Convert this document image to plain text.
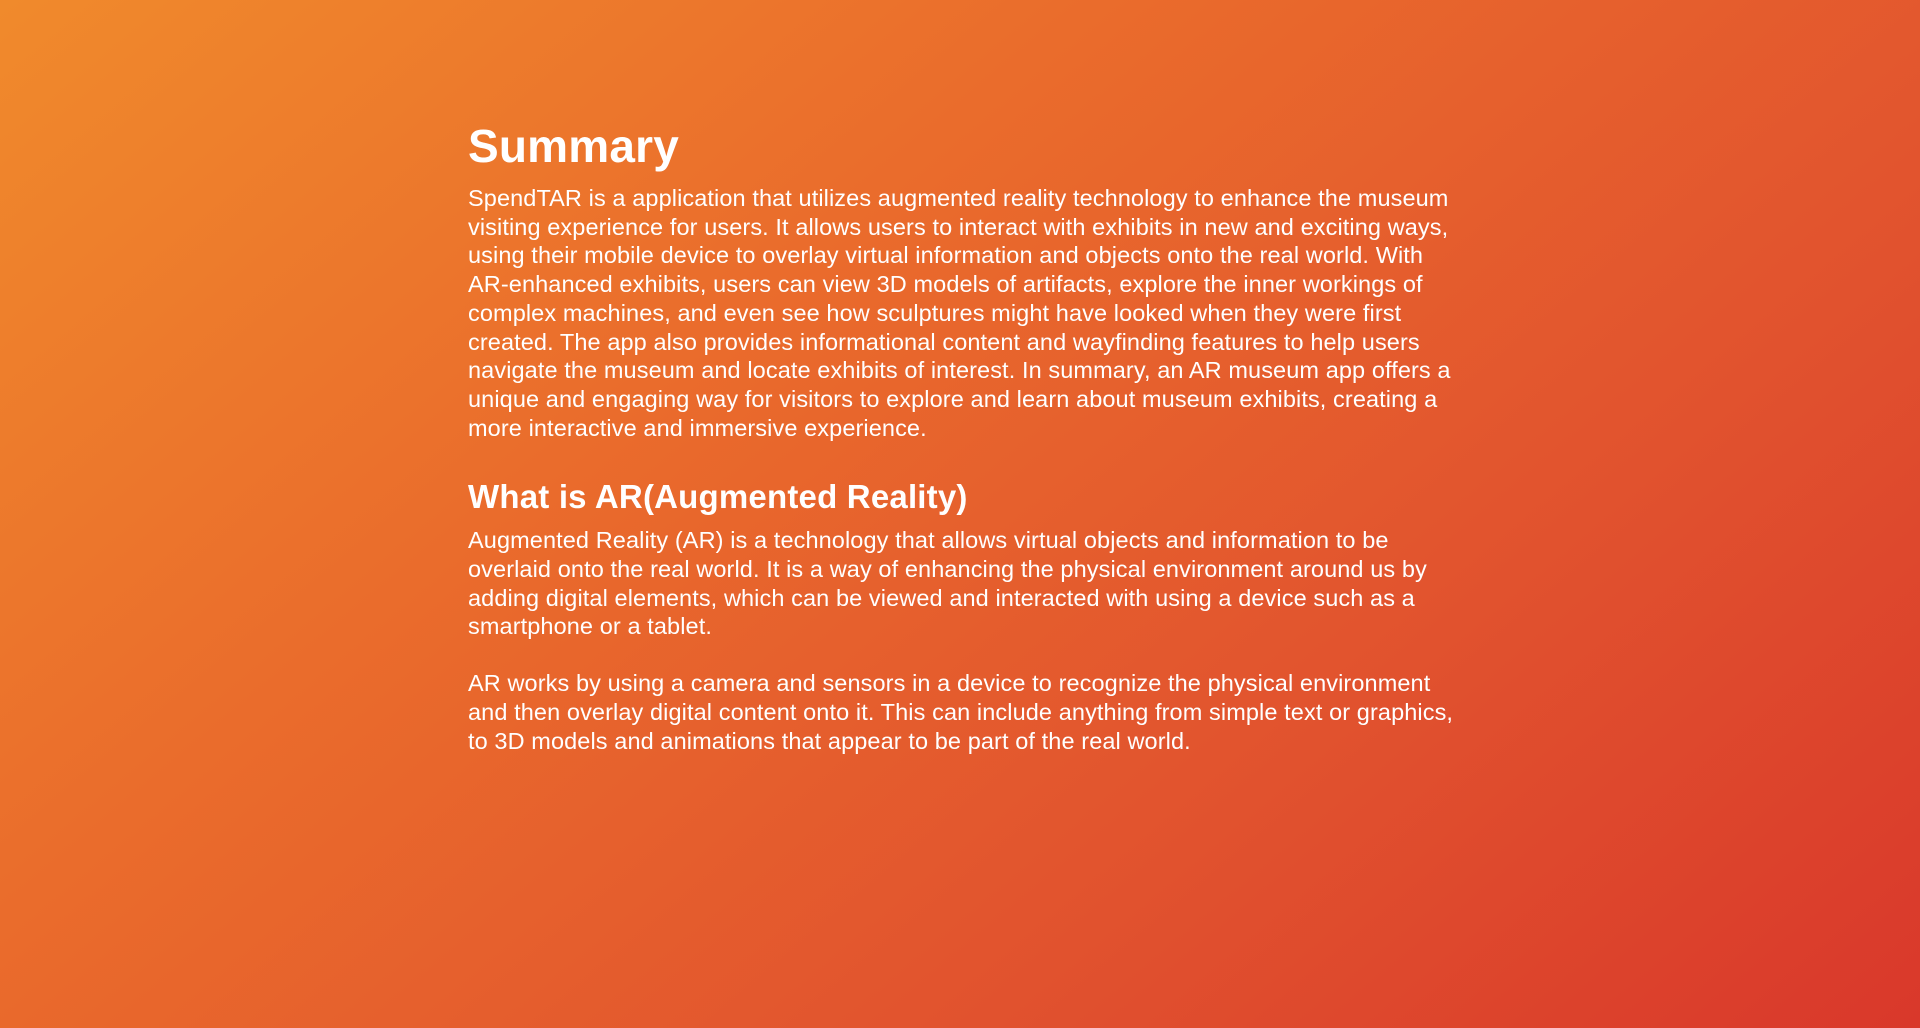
Summary

SpendTAR is a application that utilizes augmented reality technology to enhance the museum visiting experience for users. It allows users to interact with exhibits in new and exciting ways, using their mobile device to overlay virtual information and objects onto the real world. With AR-enhanced exhibits, users can view 3D models of artifacts, explore the inner workings of complex machines, and even see how sculptures might have looked when they were first created. The app also provides informational content and wayfinding features to help users navigate the museum and locate exhibits of interest. In summary, an AR museum app offers a unique and engaging way for visitors to explore and learn about museum exhibits, creating a more interactive and immersive experience.

What is AR(Augmented Reality)

Augmented Reality (AR) is a technology that allows virtual objects and information to be overlaid onto the real world. It is a way of enhancing the physical environment around us by adding digital elements, which can be viewed and interacted with using a device such as a smartphone or a tablet.

AR works by using a camera and sensors in a device to recognize the physical environment and then overlay digital content onto it. This can include anything from simple text or graphics, to 3D models and animations that appear to be part of the real world.
